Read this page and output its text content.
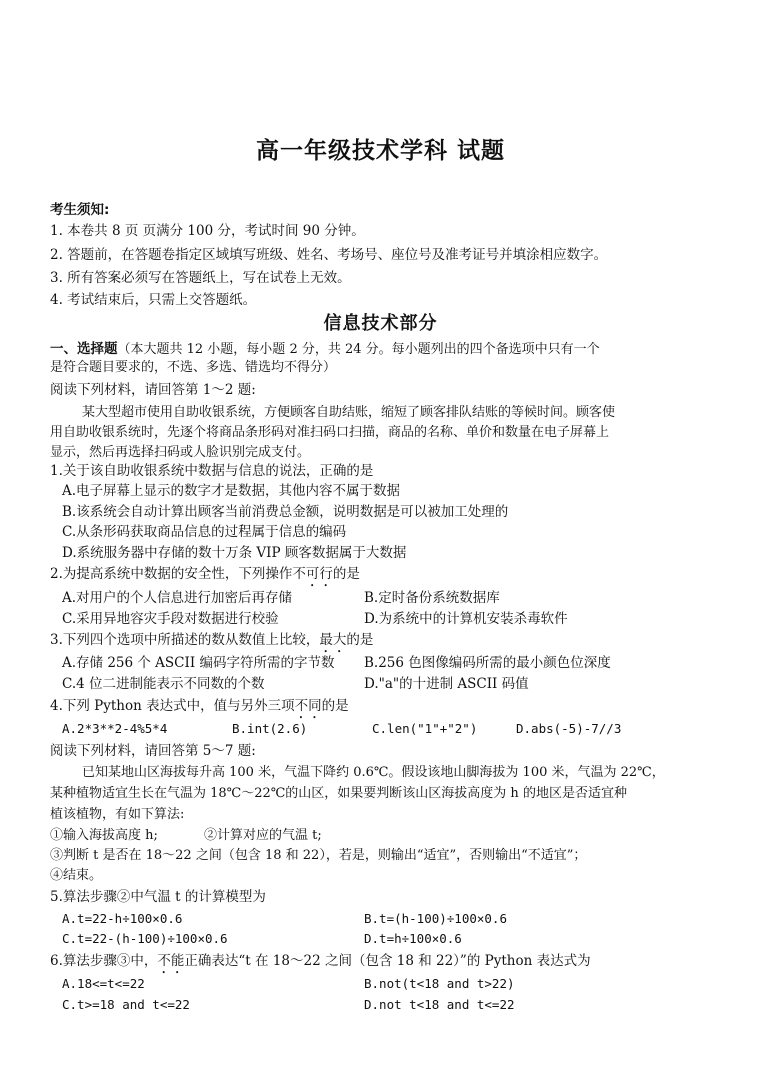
高一年级技术学科 试题
考生须知:
1. 本卷共 8 页 页满分 100 分，考试时间 90 分钟。
2. 答题前，在答题卷指定区域填写班级、姓名、考场号、座位号及准考证号并填涂相应数字。
3. 所有答案必须写在答题纸上，写在试卷上无效。
4. 考试结束后，只需上交答题纸。
信息技术部分
一、选择题（本大题共 12 小题，每小题 2 分，共 24 分。每小题列出的四个备选项中只有一个
是符合题目要求的，不选、多选、错选均不得分）
阅读下列材料，请回答第 1～2 题:
某大型超市使用自助收银系统，方便顾客自助结账，缩短了顾客排队结账的等候时间。顾客使
用自助收银系统时，先逐个将商品条形码对准扫码口扫描，商品的名称、单价和数量在电子屏幕上
显示，然后再选择扫码或人脸识别完成支付。
1.关于该自助收银系统中数据与信息的说法，正确的是
A.电子屏幕上显示的数字才是数据，其他内容不属于数据
B.该系统会自动计算出顾客当前消费总金额，说明数据是可以被加工处理的
C.从条形码获取商品信息的过程属于信息的编码
D.系统服务器中存储的数十万条 VIP 顾客数据属于大数据
2.为提高系统中数据的安全性，下列操作不可行的是
A.对用户的个人信息进行加密后再存储	B.定时备份系统数据库
C.采用异地容灾手段对数据进行校验	D.为系统中的计算机安装杀毒软件
3.下列四个选项中所描述的数从数值上比较，最大的是
A.存储 256 个 ASCII 编码字符所需的字节数 B.256 色图像编码所需的最小颜色位深度
C.4 位二进制能表示不同数的个数	D."a"的十进制 ASCII 码值
4.下列 Python 表达式中，值与另外三项不同的是
A.2*3**2-4%5*4	B.int(2.6)	C.len("1"+"2")	D.abs(-5)-7//3
阅读下列材料，请回答第 5～7 题:
已知某地山区海拔每升高 100 米，气温下降约 0.6℃。假设该地山脚海拔为 100 米，气温为 22℃，
某种植物适宜生长在气温为 18℃～22℃的山区，如果要判断该山区海拔高度为 h 的地区是否适宜种
植该植物，有如下算法:
①输入海拔高度 h;	②计算对应的气温 t;
③判断 t 是否在 18～22 之间（包含 18 和 22），若是，则输出“适宜”，否则输出“不适宜”；
④结束。
5.算法步骤②中气温 t 的计算模型为
A.t=22-h÷100×0.6	B.t=(h-100)÷100×0.6
C.t=22-(h-100)÷100×0.6	D.t=h÷100×0.6
6.算法步骤③中，不能正确表达“t 在 18～22 之间（包含 18 和 22）”的 Python 表达式为
A.18<=t<=22	B.not(t<18 and t>22)
C.t>=18 and t<=22	D.not t<18 and t<=22
